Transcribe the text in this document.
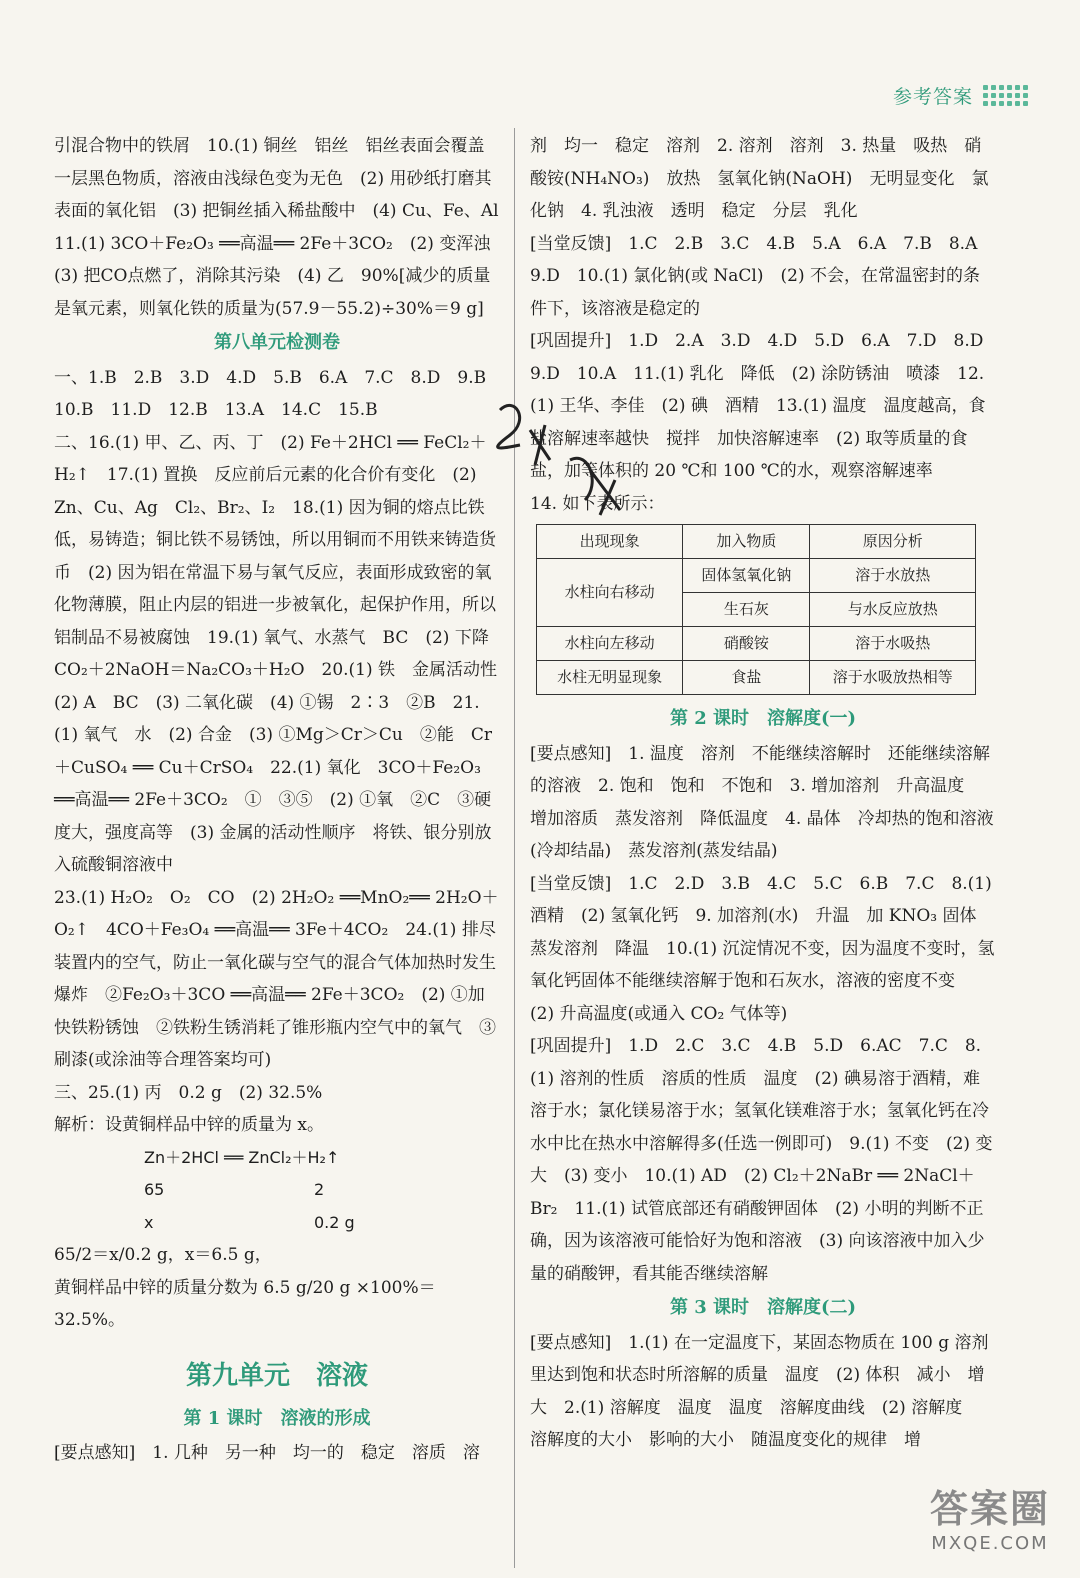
参考答案

引混合物中的铁屑　10.(1) 铜丝　铝丝　铝丝表面会覆盖一层黑色物质，溶液由浅绿色变为无色　(2) 用砂纸打磨其表面的氧化铝　(3) 把铜丝插入稀盐酸中　(4) Cu、Fe、Al

11.(1) 3CO＋Fe₂O₃ ══高温══ 2Fe＋3CO₂　(2) 变浑浊　(3) 把CO点燃了，消除其污染　(4) 乙　90%[减少的质量是氧元素，则氧化铁的质量为(57.9－55.2)÷30%＝9 g]

第八单元检测卷

一、1.B　2.B　3.D　4.D　5.B　6.A　7.C　8.D　9.B　10.B　11.D　12.B　13.A　14.C　15.B

二、16.(1) 甲、乙、丙、丁　(2) Fe＋2HCl ══ FeCl₂＋H₂↑　17.(1) 置换　反应前后元素的化合价有变化　(2) Zn、Cu、Ag　Cl₂、Br₂、I₂　18.(1) 因为铜的熔点比铁低，易铸造；铜比铁不易锈蚀，所以用铜而不用铁来铸造货币　(2) 因为铝在常温下易与氧气反应，表面形成致密的氧化物薄膜，阻止内层的铝进一步被氧化，起保护作用，所以铝制品不易被腐蚀　19.(1) 氧气、水蒸气　BC　(2) 下降　CO₂＋2NaOH＝Na₂CO₃＋H₂O　20.(1) 铁　金属活动性　(2) A　BC　(3) 二氧化碳　(4) ①锡　2∶3　②B　21.(1) 氧气　水　(2) 合金　(3) ①Mg＞Cr＞Cu　②能　Cr＋CuSO₄ ══ Cu＋CrSO₄　22.(1) 氧化　3CO＋Fe₂O₃ ══高温══ 2Fe＋3CO₂　①　③⑤　(2) ①氧　②C　③硬度大，强度高等　(3) 金属的活动性顺序　将铁、银分别放入硫酸铜溶液中

23.(1) H₂O₂　O₂　CO　(2) 2H₂O₂ ══MnO₂══ 2H₂O＋O₂↑　4CO＋Fe₃O₄ ══高温══ 3Fe＋4CO₂　24.(1) 排尽装置内的空气，防止一氧化碳与空气的混合气体加热时发生爆炸　②Fe₂O₃＋3CO ══高温══ 2Fe＋3CO₂　(2) ①加快铁粉锈蚀　②铁粉生锈消耗了锥形瓶内空气中的氧气　③刷漆(或涂油等合理答案均可)

三、25.(1) 丙　0.2 g　(2) 32.5%

解析：设黄铜样品中锌的质量为 x。

Zn＋2HCl ══ ZnCl₂＋H₂↑
65	2
x	0.2 g

65/2＝x/0.2 g，x＝6.5 g，

黄铜样品中锌的质量分数为 6.5 g/20 g ×100%＝32.5%。

第九单元　溶液
第 1 课时　溶液的形成

[要点感知]　1. 几种　另一种　均一的　稳定　溶质　溶

剂　均一　稳定　溶剂　2. 溶剂　溶剂　3. 热量　吸热　硝酸铵(NH₄NO₃)　放热　氢氧化钠(NaOH)　无明显变化　氯化钠　4. 乳浊液　透明　稳定　分层　乳化

[当堂反馈]　1.C　2.B　3.C　4.B　5.A　6.A　7.B　8.A　9.D　10.(1) 氯化钠(或 NaCl)　(2) 不会，在常温密封的条件下，该溶液是稳定的

[巩固提升]　1.D　2.A　3.D　4.D　5.D　6.A　7.D　8.D　9.D　10.A　11.(1) 乳化　降低　(2) 涂防锈油　喷漆　12.(1) 王华、李佳　(2) 碘　酒精　13.(1) 温度　温度越高，食盐溶解速率越快　搅拌　加快溶解速率　(2) 取等质量的食盐，加等体积的 20 ℃和 100 ℃的水，观察溶解速率

14. 如下表所示：

出现现象	加入物质	原因分析
水柱向右移动	固体氢氧化钠	溶于水放热
	生石灰	与水反应放热
水柱向左移动	硝酸铵	溶于水吸热
水柱无明显现象	食盐	溶于水吸放热相等
第 2 课时　溶解度(一)

[要点感知]　1. 温度　溶剂　不能继续溶解时　还能继续溶解的溶液　2. 饱和　饱和　不饱和　3. 增加溶剂　升高温度　增加溶质　蒸发溶剂　降低温度　4. 晶体　冷却热的饱和溶液(冷却结晶)　蒸发溶剂(蒸发结晶)

[当堂反馈]　1.C　2.D　3.B　4.C　5.C　6.B　7.C　8.(1) 酒精　(2) 氢氧化钙　9. 加溶剂(水)　升温　加 KNO₃ 固体　蒸发溶剂　降温　10.(1) 沉淀情况不变，因为温度不变时，氢氧化钙固体不能继续溶解于饱和石灰水，溶液的密度不变　(2) 升高温度(或通入 CO₂ 气体等)

[巩固提升]　1.D　2.C　3.C　4.B　5.D　6.AC　7.C　8.(1) 溶剂的性质　溶质的性质　温度　(2) 碘易溶于酒精，难溶于水；氯化镁易溶于水；氢氧化镁难溶于水；氢氧化钙在冷水中比在热水中溶解得多(任选一例即可)　9.(1) 不变　(2) 变大　(3) 变小　10.(1) AD　(2) Cl₂＋2NaBr ══ 2NaCl＋Br₂　11.(1) 试管底部还有硝酸钾固体　(2) 小明的判断不正确，因为该溶液可能恰好为饱和溶液　(3) 向该溶液中加入少量的硝酸钾，看其能否继续溶解

第 3 课时　溶解度(二)

[要点感知]　1.(1) 在一定温度下，某固态物质在 100 g 溶剂里达到饱和状态时所溶解的质量　温度　(2) 体积　减小　增大　2.(1) 溶解度　温度　温度　溶解度曲线　(2) 溶解度　溶解度的大小　影响的大小　随温度变化的规律　增

答案圈
MXQE.COM
